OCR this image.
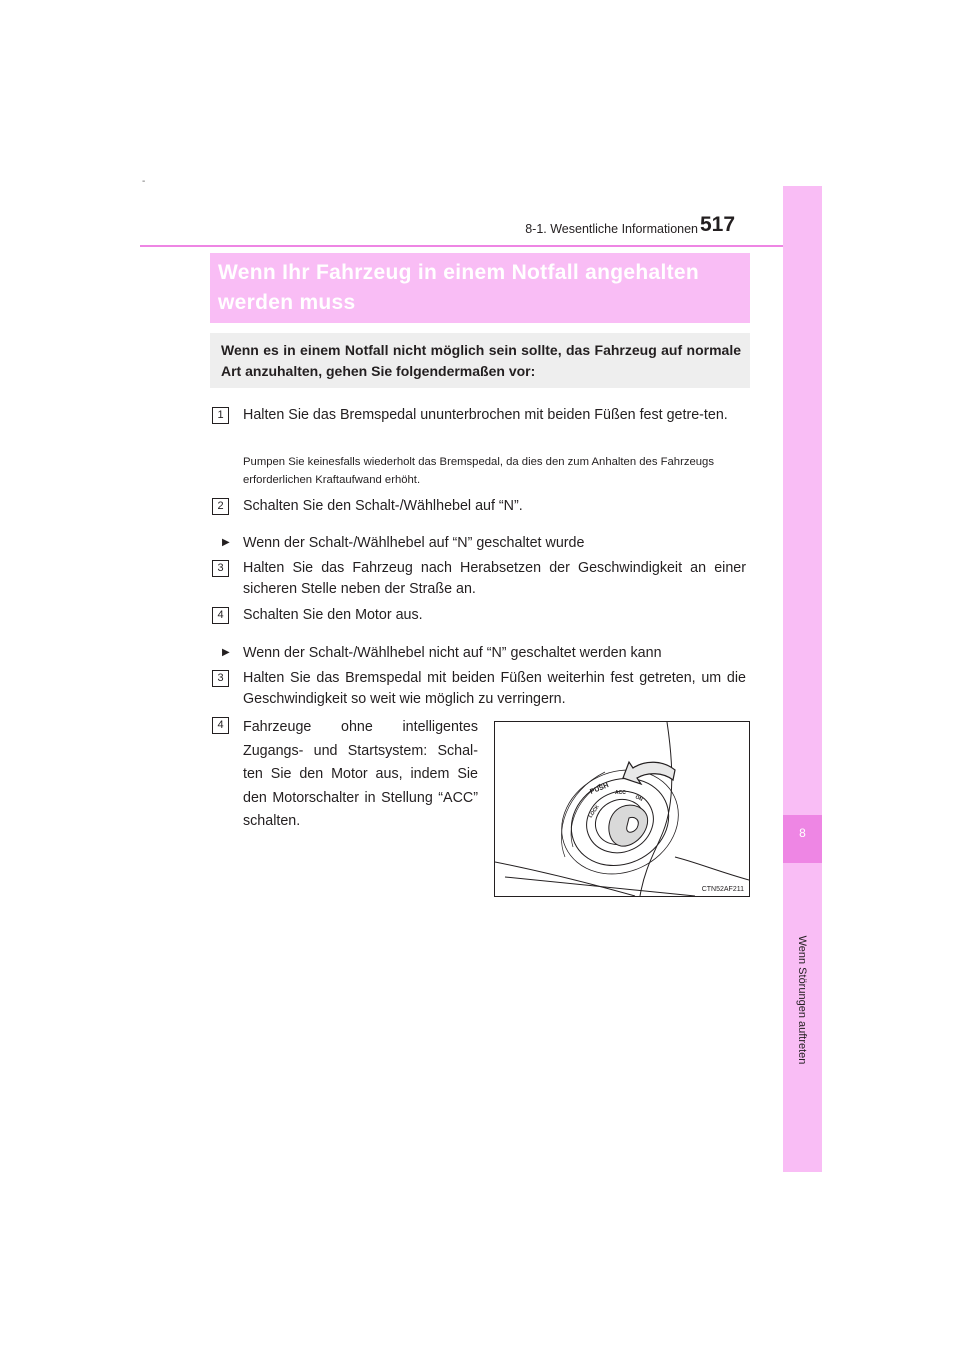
-
8-1. Wesentliche Informationen 517
8
Wenn Störungen auftreten
Wenn Ihr Fahrzeug in einem Notfall angehalten werden muss
Wenn es in einem Notfall nicht möglich sein sollte, das Fahrzeug auf normale Art anzuhalten, gehen Sie folgendermaßen vor:
1	Halten Sie das Bremspedal ununterbrochen mit beiden Füßen fest getre-ten.
Pumpen Sie keinesfalls wiederholt das Bremspedal, da dies den zum Anhalten des Fahrzeugs erforderlichen Kraftaufwand erhöht.
2	Schalten Sie den Schalt-/Wählhebel auf “N”.
▶ Wenn der Schalt-/Wählhebel auf “N” geschaltet wurde
3	Halten Sie das Fahrzeug nach Herabsetzen der Geschwindigkeit an einer sicheren Stelle neben der Straße an.
4	Schalten Sie den Motor aus.
▶ Wenn der Schalt-/Wählhebel nicht auf “N” geschaltet werden kann
3	Halten Sie das Bremspedal mit beiden Füßen weiterhin fest getreten, um die Geschwindigkeit so weit wie möglich zu verringern.
4	Fahrzeuge ohne intelligentes Zugangs- und Startsystem: Schal-ten Sie den Motor aus, indem Sie den Motorschalter in Stellung “ACC” schalten.
PUSH
LOCK
ACC
ON
CTN52AF211
